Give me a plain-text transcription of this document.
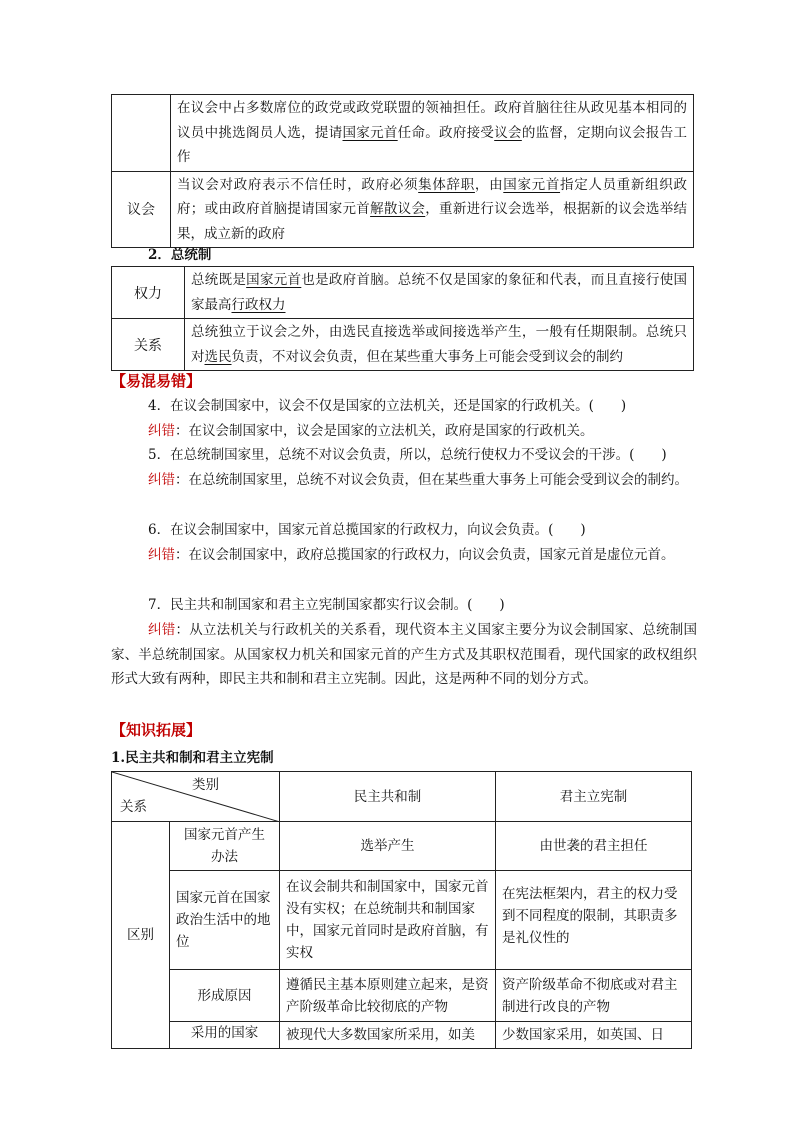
	在议会中占多数席位的政党或政党联盟的领袖担任。政府首脑往往从政见基本相同的议员中挑选阁员人选，提请国家元首任命。政府接受议会的监督，定期向议会报告工作
议会	当议会对政府表示不信任时，政府必须集体辞职，由国家元首指定人员重新组织政府；或由政府首脑提请国家元首解散议会，重新进行议会选举，根据新的议会选举结果，成立新的政府
2．总统制
权力	总统既是国家元首也是政府首脑。总统不仅是国家的象征和代表，而且直接行使国家最高行政权力
关系	总统独立于议会之外，由选民直接选举或间接选举产生，一般有任期限制。总统只对选民负责，不对议会负责，但在某些重大事务上可能会受到议会的制约
【易混易错】
4．在议会制国家中，议会不仅是国家的立法机关，还是国家的行政机关。(　　)
纠错：在议会制国家中，议会是国家的立法机关，政府是国家的行政机关。
5．在总统制国家里，总统不对议会负责，所以，总统行使权力不受议会的干涉。(　　)
纠错：在总统制国家里，总统不对议会负责，但在某些重大事务上可能会受到议会的制约。
6．在议会制国家中，国家元首总揽国家的行政权力，向议会负责。(　　)
纠错：在议会制国家中，政府总揽国家的行政权力，向议会负责，国家元首是虚位元首。
7．民主共和制国家和君主立宪制国家都实行议会制。(　　)
纠错：从立法机关与行政机关的关系看，现代资本主义国家主要分为议会制国家、总统制国家、半总统制国家。从国家权力机关和国家元首的产生方式及其职权范围看，现代国家的政权组织形式大致有两种，即民主共和制和君主立宪制。因此，这是两种不同的划分方式。
【知识拓展】
1.民主共和制和君主立宪制
类别
关系		民主共和制	君主立宪制
区别	国家元首产生办法	选举产生	由世袭的君主担任
	国家元首在国家政治生活中的地位	在议会制共和制国家中，国家元首没有实权；在总统制共和制国家中，国家元首同时是政府首脑，有实权	在宪法框架内，君主的权力受到不同程度的限制，其职责多是礼仪性的
	形成原因	遵循民主基本原则建立起来，是资产阶级革命比较彻底的产物	资产阶级革命不彻底或对君主制进行改良的产物
	采用的国家	被现代大多数国家所采用，如美	少数国家采用，如英国、日
